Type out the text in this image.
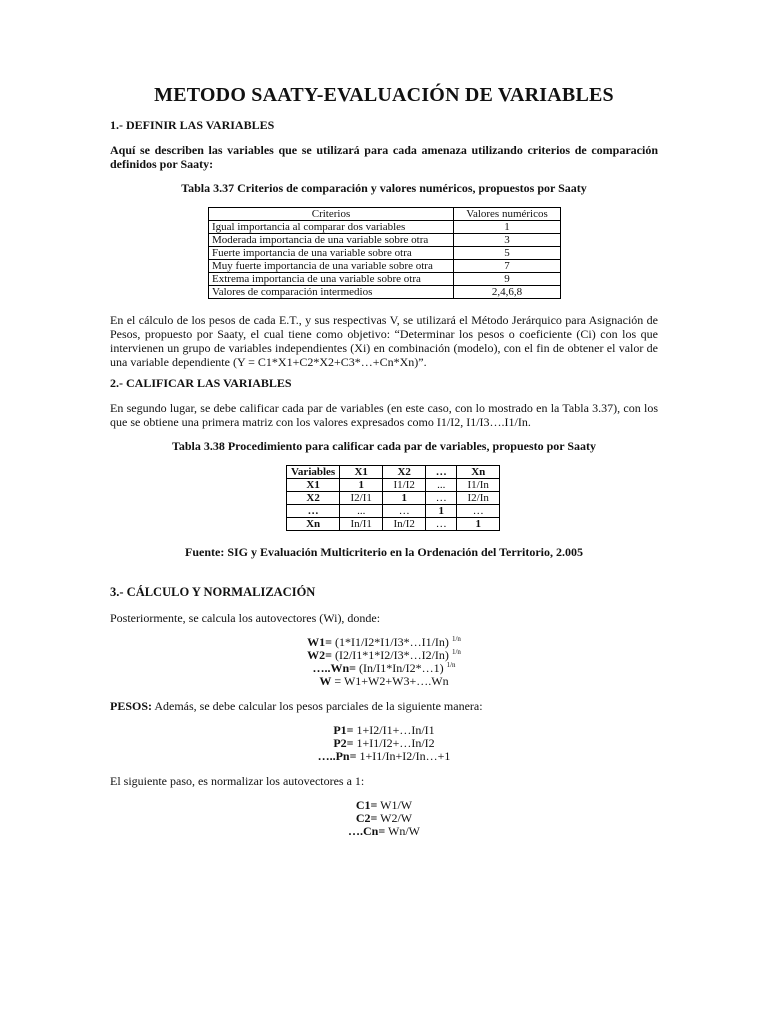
METODO SAATY-EVALUACIÓN DE VARIABLES
1.- DEFINIR LAS VARIABLES
Aquí se describen las variables que se utilizará para cada amenaza utilizando criterios de comparación definidos por Saaty:
Tabla 3.37 Criterios de comparación y valores numéricos, propuestos por Saaty
Criterios	Valores numéricos
Igual importancia al comparar dos variables	1
Moderada importancia de una variable sobre otra	3
Fuerte importancia de una variable sobre otra	5
Muy fuerte importancia de una variable sobre otra	7
Extrema importancia de una variable sobre otra	9
Valores de comparación intermedios	2,4,6,8
En el cálculo de los pesos de cada E.T., y sus respectivas V, se utilizará el Método Jerárquico para Asignación de Pesos, propuesto por Saaty, el cual tiene como objetivo: “Determinar los pesos o coeficiente (Ci) con los que intervienen un grupo de variables independientes (Xi) en combinación (modelo), con el fin de obtener el valor de una variable dependiente (Y = C1*X1+C2*X2+C3*…+Cn*Xn)”.
2.- CALIFICAR LAS VARIABLES
En segundo lugar, se debe calificar cada par de variables (en este caso, con lo mostrado en la Tabla 3.37), con los que se obtiene una primera matriz con los valores expresados como I1/I2, I1/I3….I1/In.
Tabla 3.38 Procedimiento para calificar cada par de variables, propuesto por Saaty
Variables	X1	X2	…	Xn
X1	1	I1/I2	...	I1/In
X2	I2/I1	1	…	I2/In
…	...	…	1	…
Xn	In/I1	In/I2	…	1
Fuente: SIG y Evaluación Multicriterio en la Ordenación del Territorio, 2.005
3.- CÁLCULO Y NORMALIZACIÓN
Posteriormente, se calcula los autovectores (Wi), donde:
W1= (1*I1/I2*I1/I3*…I1/In) $^{1/n}$
W2= (I2/I1*1*I2/I3*…I2/In) $^{1/n}$
…..Wn= (In/I1*In/I2*…1) $^{1/n}$
W = W1+W2+W3+….Wn
PESOS: Además, se debe calcular los pesos parciales de la siguiente manera:
P1= 1+I2/I1+…In/I1
P2= 1+I1/I2+…In/I2
…..Pn= 1+I1/In+I2/In…+1
El siguiente paso, es normalizar los autovectores a 1:
C1= W1/W
C2= W2/W
….Cn= Wn/W
